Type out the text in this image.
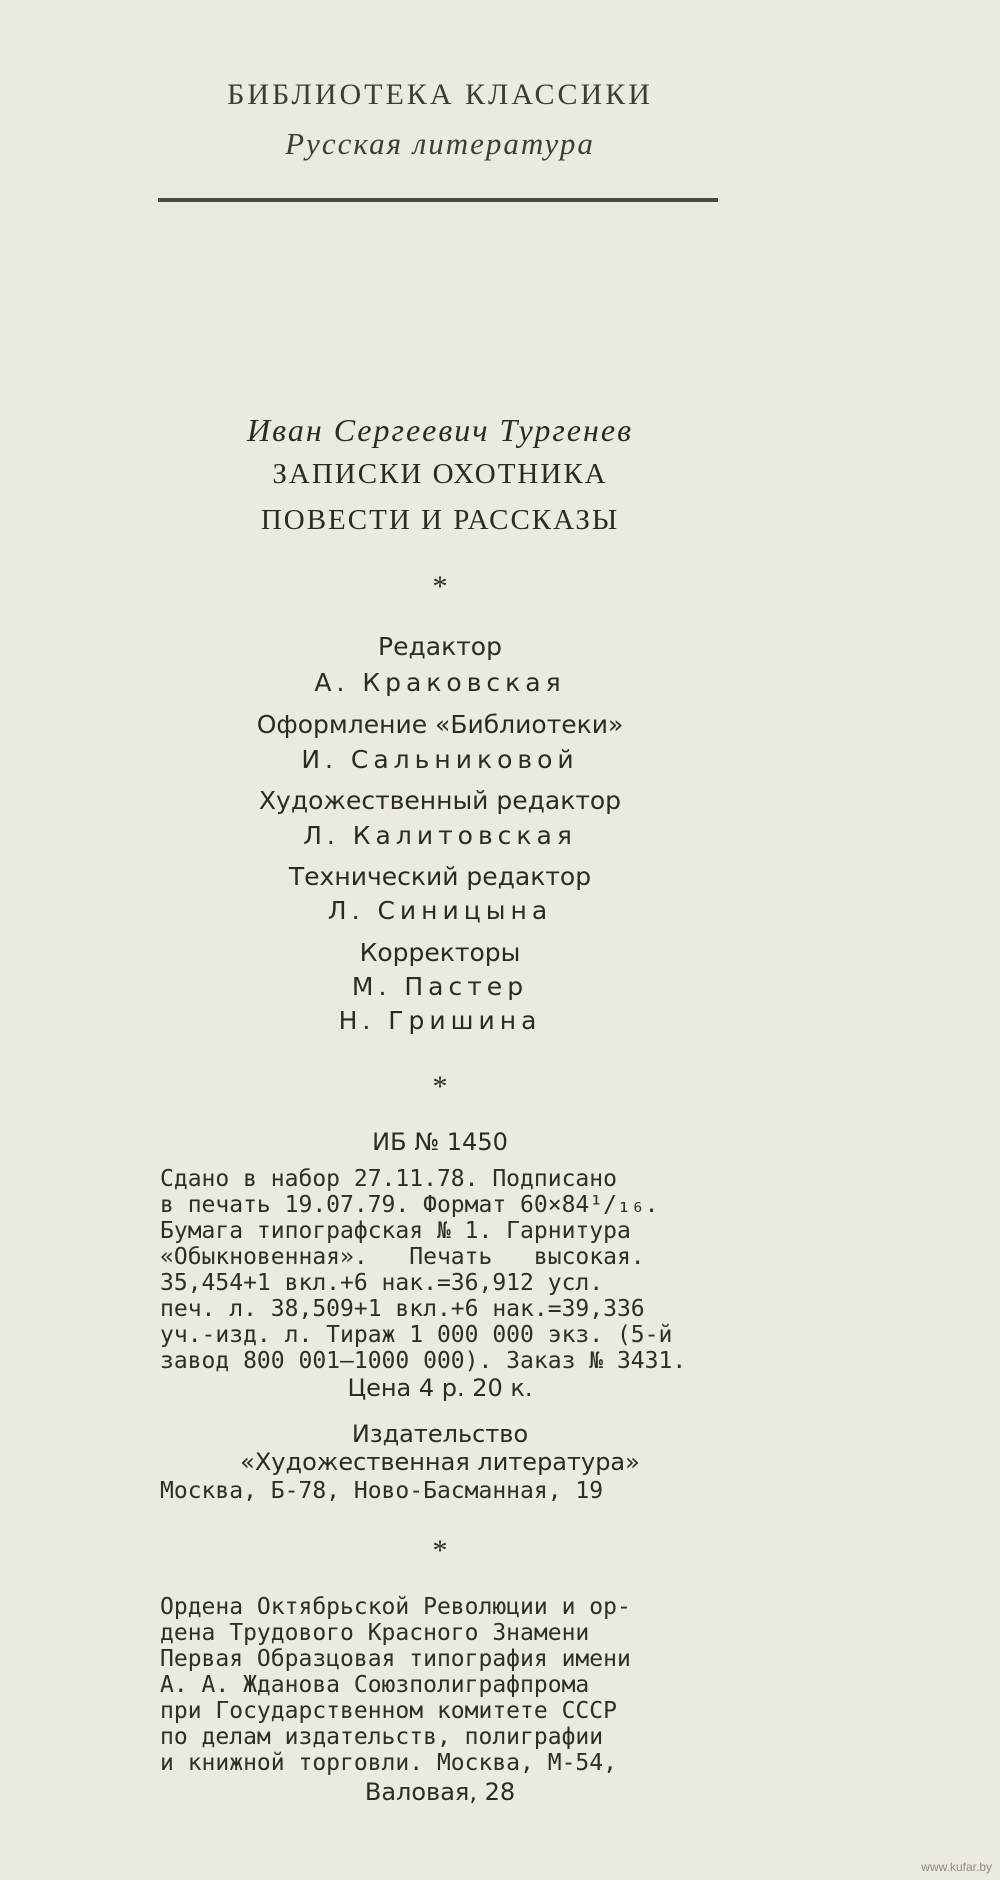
БИБЛИОТЕКА КЛАССИКИ
Русская литература
Иван Сергеевич Тургенев
ЗАПИСКИ ОХОТНИКА
ПОВЕСТИ И РАССКАЗЫ
*
Редактор
А. Краковская
Оформление «Библиотеки»
И. Сальниковой
Художественный редактор
Л. Калитовская
Технический редактор
Л. Синицына
Корректоры
М. Пастер
Н. Гришина
*
ИБ № 1450
Сдано в набор 27.11.78. Подписано
в печать 19.07.79. Формат 60×84¹/₁₆.
Бумага типографская № 1. Гарнитура
«Обыкновенная».   Печать   высокая.
35,454+1 вкл.+6 нак.=36,912 усл.
печ. л. 38,509+1 вкл.+6 нак.=39,336
уч.-изд. л. Тираж 1 000 000 экз. (5-й
завод 800 001—1000 000). Заказ № 3431.
Цена 4 р. 20 к.
Издательство
«Художественная литература»
Москва, Б-78, Ново-Басманная, 19
*
Ордена Октябрьской Революции и ор-
дена Трудового Красного Знамени
Первая Образцовая типография имени
А. А. Жданова Союзполиграфпрома
при Государственном комитете СССР
по делам издательств, полиграфии
и книжной торговли. Москва, М-54,
Валовая, 28
www.kufar.by
